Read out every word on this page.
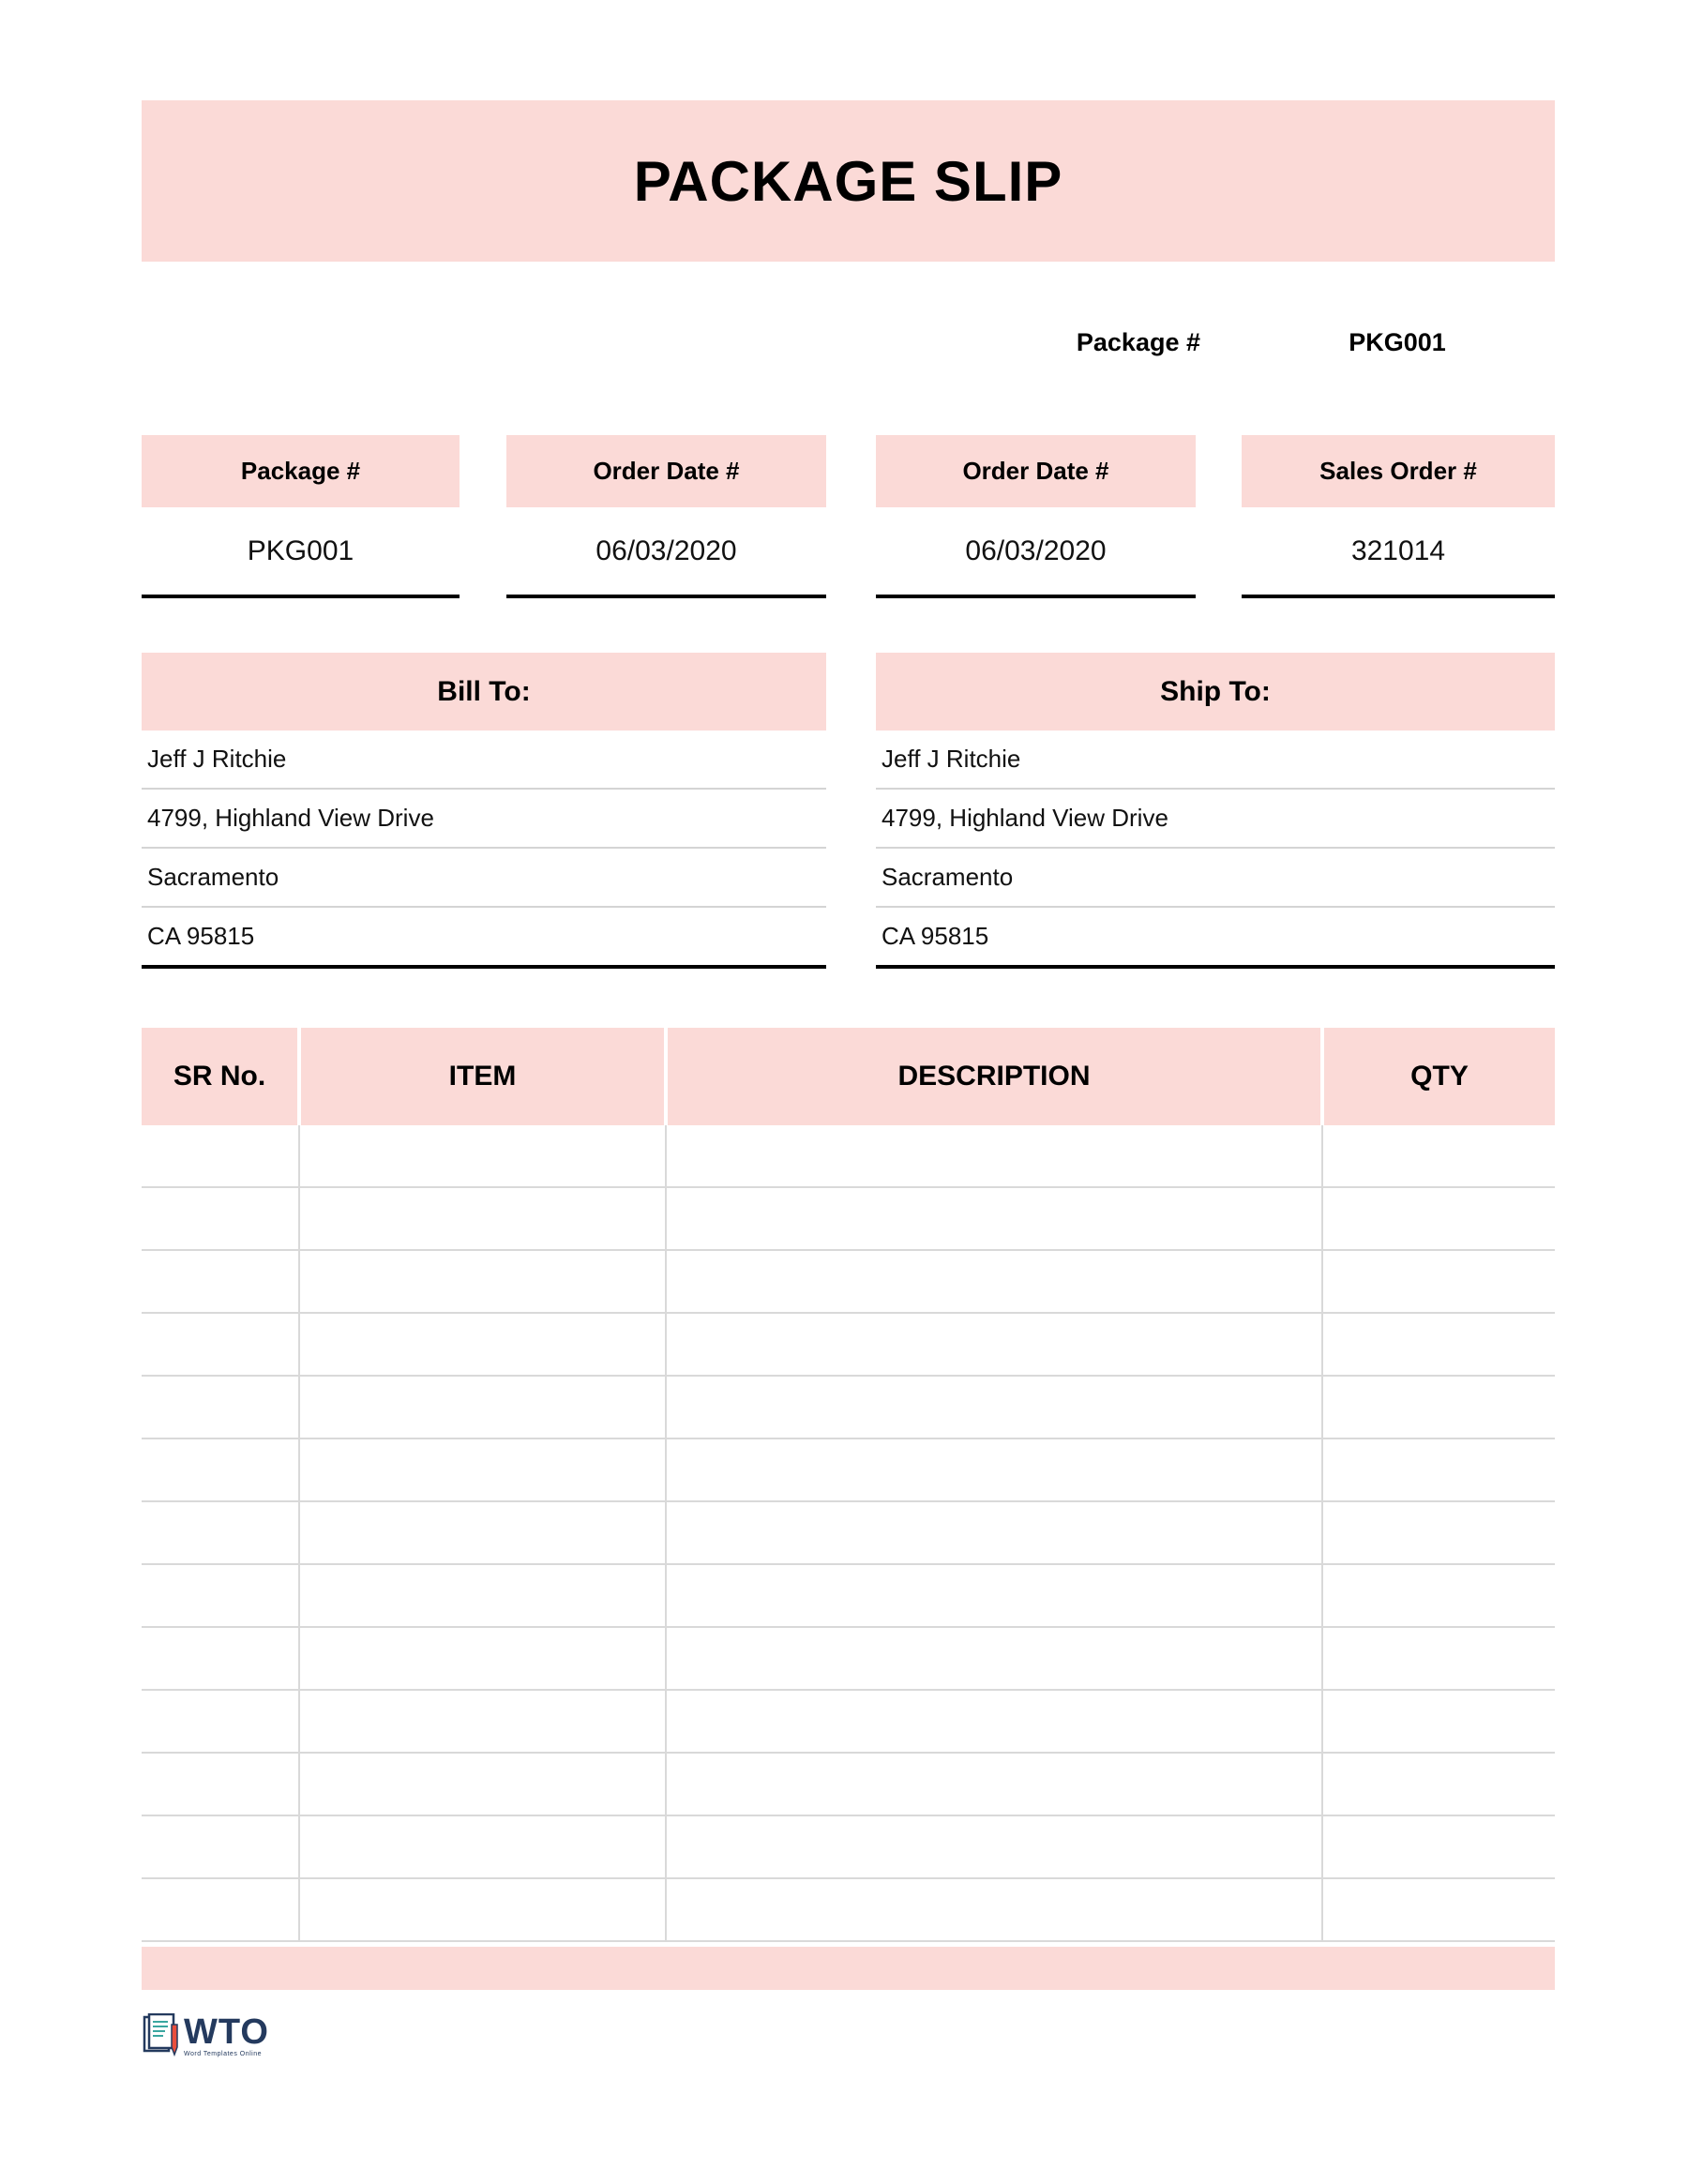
PACKAGE SLIP
Package #	PKG001
Package #
PKG001
Order Date #
06/03/2020
Order Date #
06/03/2020
Sales Order #
321014
Bill To:
Jeff J Ritchie
4799, Highland View Drive
Sacramento
CA 95815
Ship To:
Jeff J Ritchie
4799, Highland View Drive
Sacramento
CA 95815
SR No.	ITEM	DESCRIPTION	QTY

WTO
Word Templates Online
